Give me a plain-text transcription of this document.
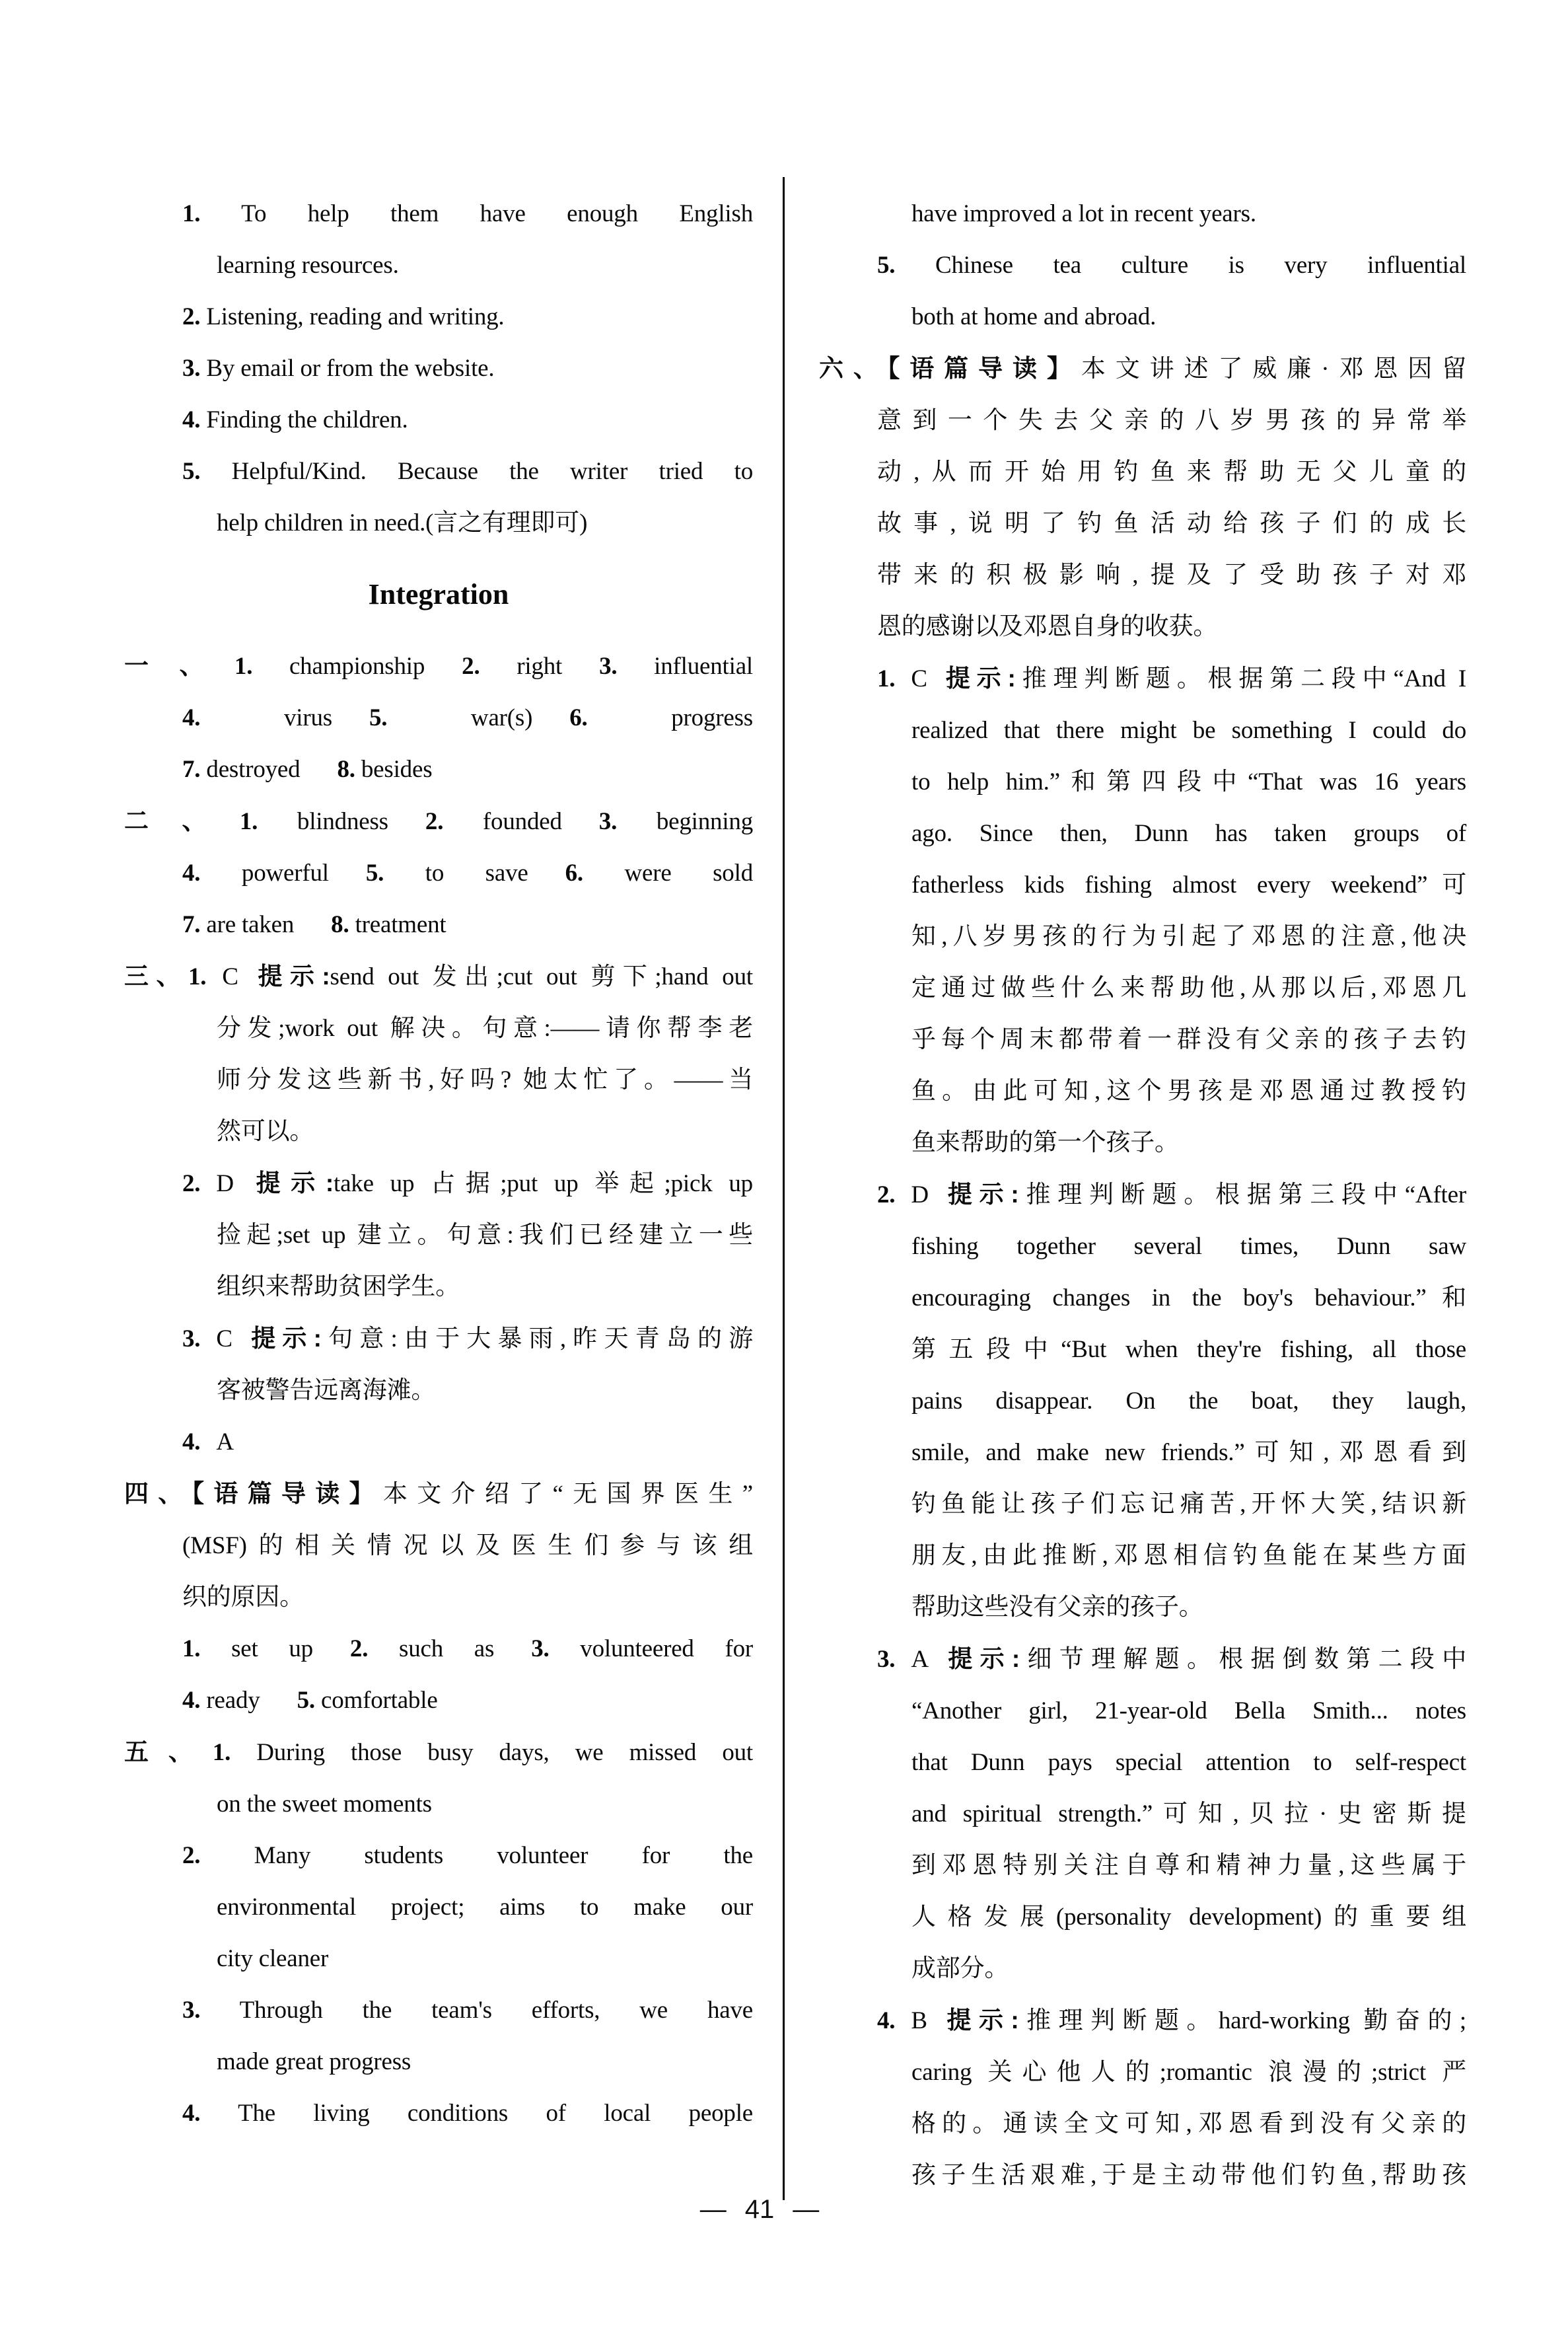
1. To help them have enough English
learning resources.
2. Listening, reading and writing.
3. By email or from the website.
4. Finding the children.
5. Helpful/Kind. Because the writer tried to
help children in need.(言之有理即可)
Integration
一、1. championship 2. right 3. influential
4. virus 5. war(s) 6. progress
7. destroyed 8. besides
二、1. blindness 2. founded 3. beginning
4. powerful 5. to save 6. were sold
7. are taken 8. treatment
三、1. C 提示:send out 发出;cut out 剪下;hand out
分发;work out 解决。句意:——请你帮李老
师分发这些新书,好吗? 她太忙了。——当
然可以。
2. D 提示:take up 占据;put up 举起;pick up
捡起;set up 建立。句意:我们已经建立一些
组织来帮助贫困学生。
3. C 提示:句意:由于大暴雨,昨天青岛的游
客被警告远离海滩。
4. A
四、【语篇导读】本文介绍了“无国界医生”
(MSF)的相关情况以及医生们参与该组
织的原因。
1. set up 2. such as 3. volunteered for
4. ready 5. comfortable
五、1. During those busy days, we missed out
on the sweet moments
2. Many students volunteer for the
environmental project; aims to make our
city cleaner
3. Through the team's efforts, we have
made great progress
4. The living conditions of local people
have improved a lot in recent years.
5. Chinese tea culture is very influential
both at home and abroad.
六、【语篇导读】本文讲述了威廉·邓恩因留
意到一个失去父亲的八岁男孩的异常举
动,从而开始用钓鱼来帮助无父儿童的
故事,说明了钓鱼活动给孩子们的成长
带来的积极影响,提及了受助孩子对邓
恩的感谢以及邓恩自身的收获。
1. C 提示:推理判断题。根据第二段中“And I
realized that there might be something I could do
to help him.”和第四段中“That was 16 years
ago. Since then, Dunn has taken groups of
fatherless kids fishing almost every weekend”可
知,八岁男孩的行为引起了邓恩的注意,他决
定通过做些什么来帮助他,从那以后,邓恩几
乎每个周末都带着一群没有父亲的孩子去钓
鱼。由此可知,这个男孩是邓恩通过教授钓
鱼来帮助的第一个孩子。
2. D 提示:推理判断题。根据第三段中“After
fishing together several times, Dunn saw
encouraging changes in the boy's behaviour.”和
第五段中“But when they're fishing, all those
pains disappear. On the boat, they laugh,
smile, and make new friends.”可知,邓恩看到
钓鱼能让孩子们忘记痛苦,开怀大笑,结识新
朋友,由此推断,邓恩相信钓鱼能在某些方面
帮助这些没有父亲的孩子。
3. A 提示:细节理解题。根据倒数第二段中
“Another girl, 21-year-old Bella Smith... notes
that Dunn pays special attention to self-respect
and spiritual strength.”可知,贝拉·史密斯提
到邓恩特别关注自尊和精神力量,这些属于
人格发展(personality development)的重要组
成部分。
4. B 提示:推理判断题。hard-working 勤奋的;
caring 关心他人的;romantic 浪漫的;strict 严
格的。通读全文可知,邓恩看到没有父亲的
孩子生活艰难,于是主动带他们钓鱼,帮助孩
— 41 —
